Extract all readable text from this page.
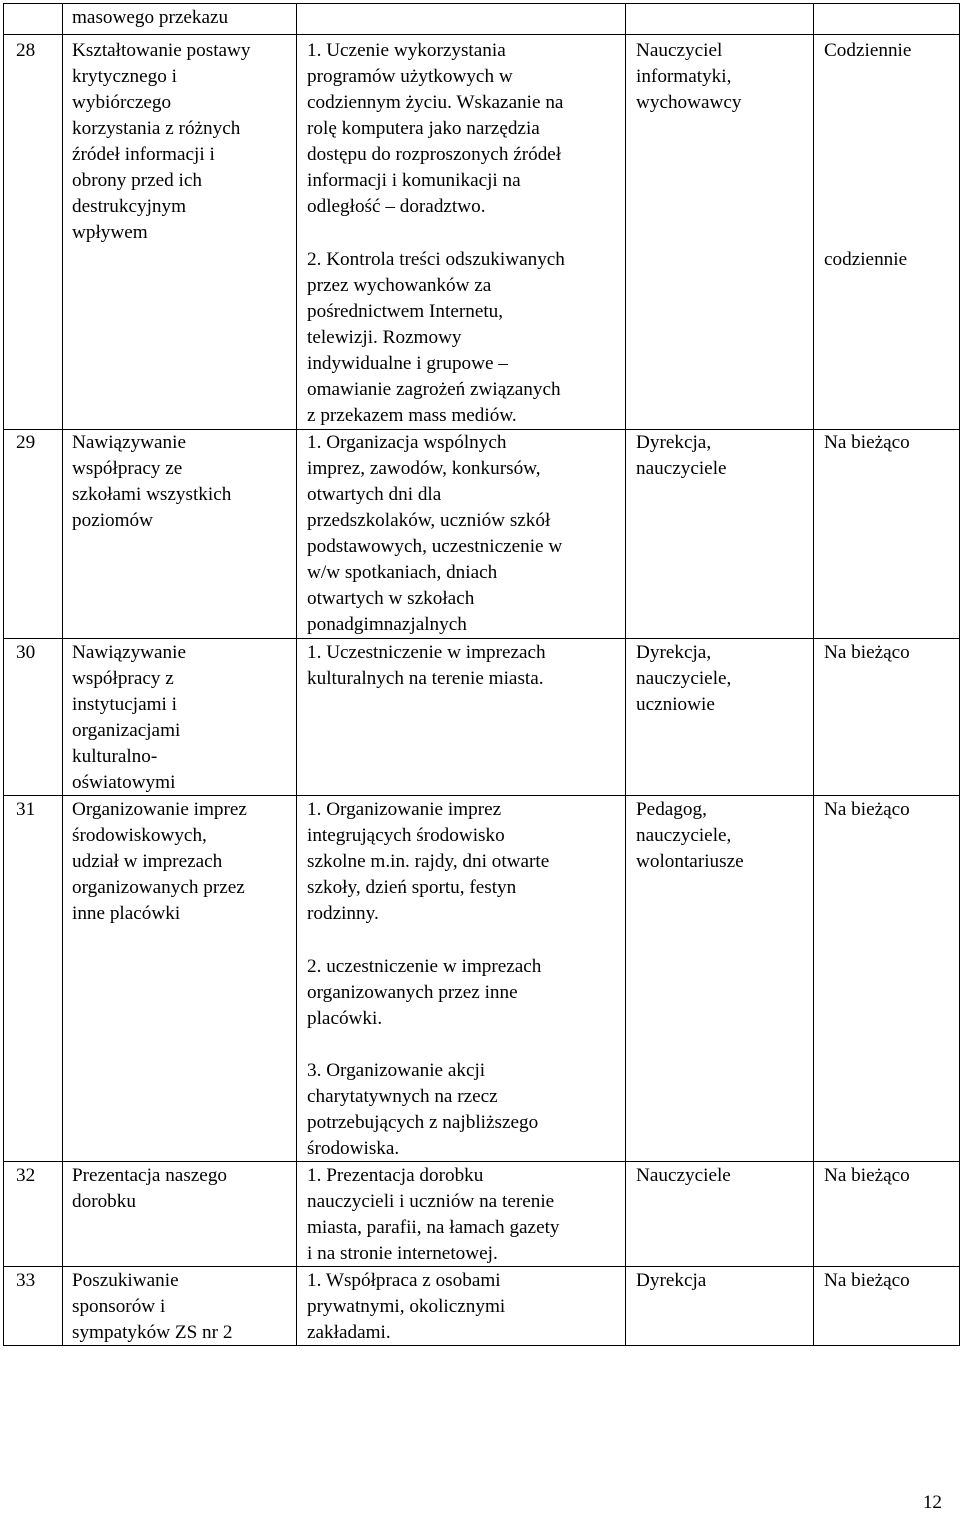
masowego przekazu

28 Kształtowanie postawy
krytycznego i
wybiórczego
korzystania z różnych
źródeł informacji i
obrony przed ich
destrukcyjnym
wpływem

1. Uczenie wykorzystania
programów użytkowych w
codziennym życiu. Wskazanie na
rolę komputera jako narzędzia
dostępu do rozproszonych źródeł
informacji i komunikacji na
odległość – doradztwo.

2. Kontrola treści odszukiwanych
przez wychowanków za
pośrednictwem Internetu,
telewizji. Rozmowy
indywidualne i grupowe –
omawianie zagrożeń związanych
z przekazem mass mediów.

Nauczyciel
informatyki,
wychowawcy

Codziennie

codziennie

29 Nawiązywanie
współpracy ze
szkołami wszystkich
poziomów

1. Organizacja wspólnych
imprez, zawodów, konkursów,
otwartych dni dla
przedszkolaków, uczniów szkół
podstawowych, uczestniczenie w
w/w spotkaniach, dniach
otwartych w szkołach
ponadgimnazjalnych

Dyrekcja,
nauczyciele

Na bieżąco

30 Nawiązywanie
współpracy z
instytucjami i
organizacjami
kulturalno-
oświatowymi

1. Uczestniczenie w imprezach
kulturalnych na terenie miasta.

Dyrekcja,
nauczyciele,
uczniowie

Na bieżąco

31 Organizowanie imprez
środowiskowych,
udział w imprezach
organizowanych przez
inne placówki

1. Organizowanie imprez
integrujących środowisko
szkolne m.in. rajdy, dni otwarte
szkoły, dzień sportu, festyn
rodzinny.

2. uczestniczenie w imprezach
organizowanych przez inne
placówki.

3. Organizowanie akcji
charytatywnych na rzecz
potrzebujących z najbliższego
środowiska.

Pedagog,
nauczyciele,
wolontariusze

Na bieżąco

32 Prezentacja naszego
dorobku

1. Prezentacja dorobku
nauczycieli i uczniów na terenie
miasta, parafii, na łamach gazety
i na stronie internetowej.

Nauczyciele	Na bieżąco

33 Poszukiwanie
sponsorów i
sympatyków ZS nr 2

1. Współpraca z osobami
prywatnymi, okolicznymi
zakładami.

Dyrekcja	Na bieżąco

12
